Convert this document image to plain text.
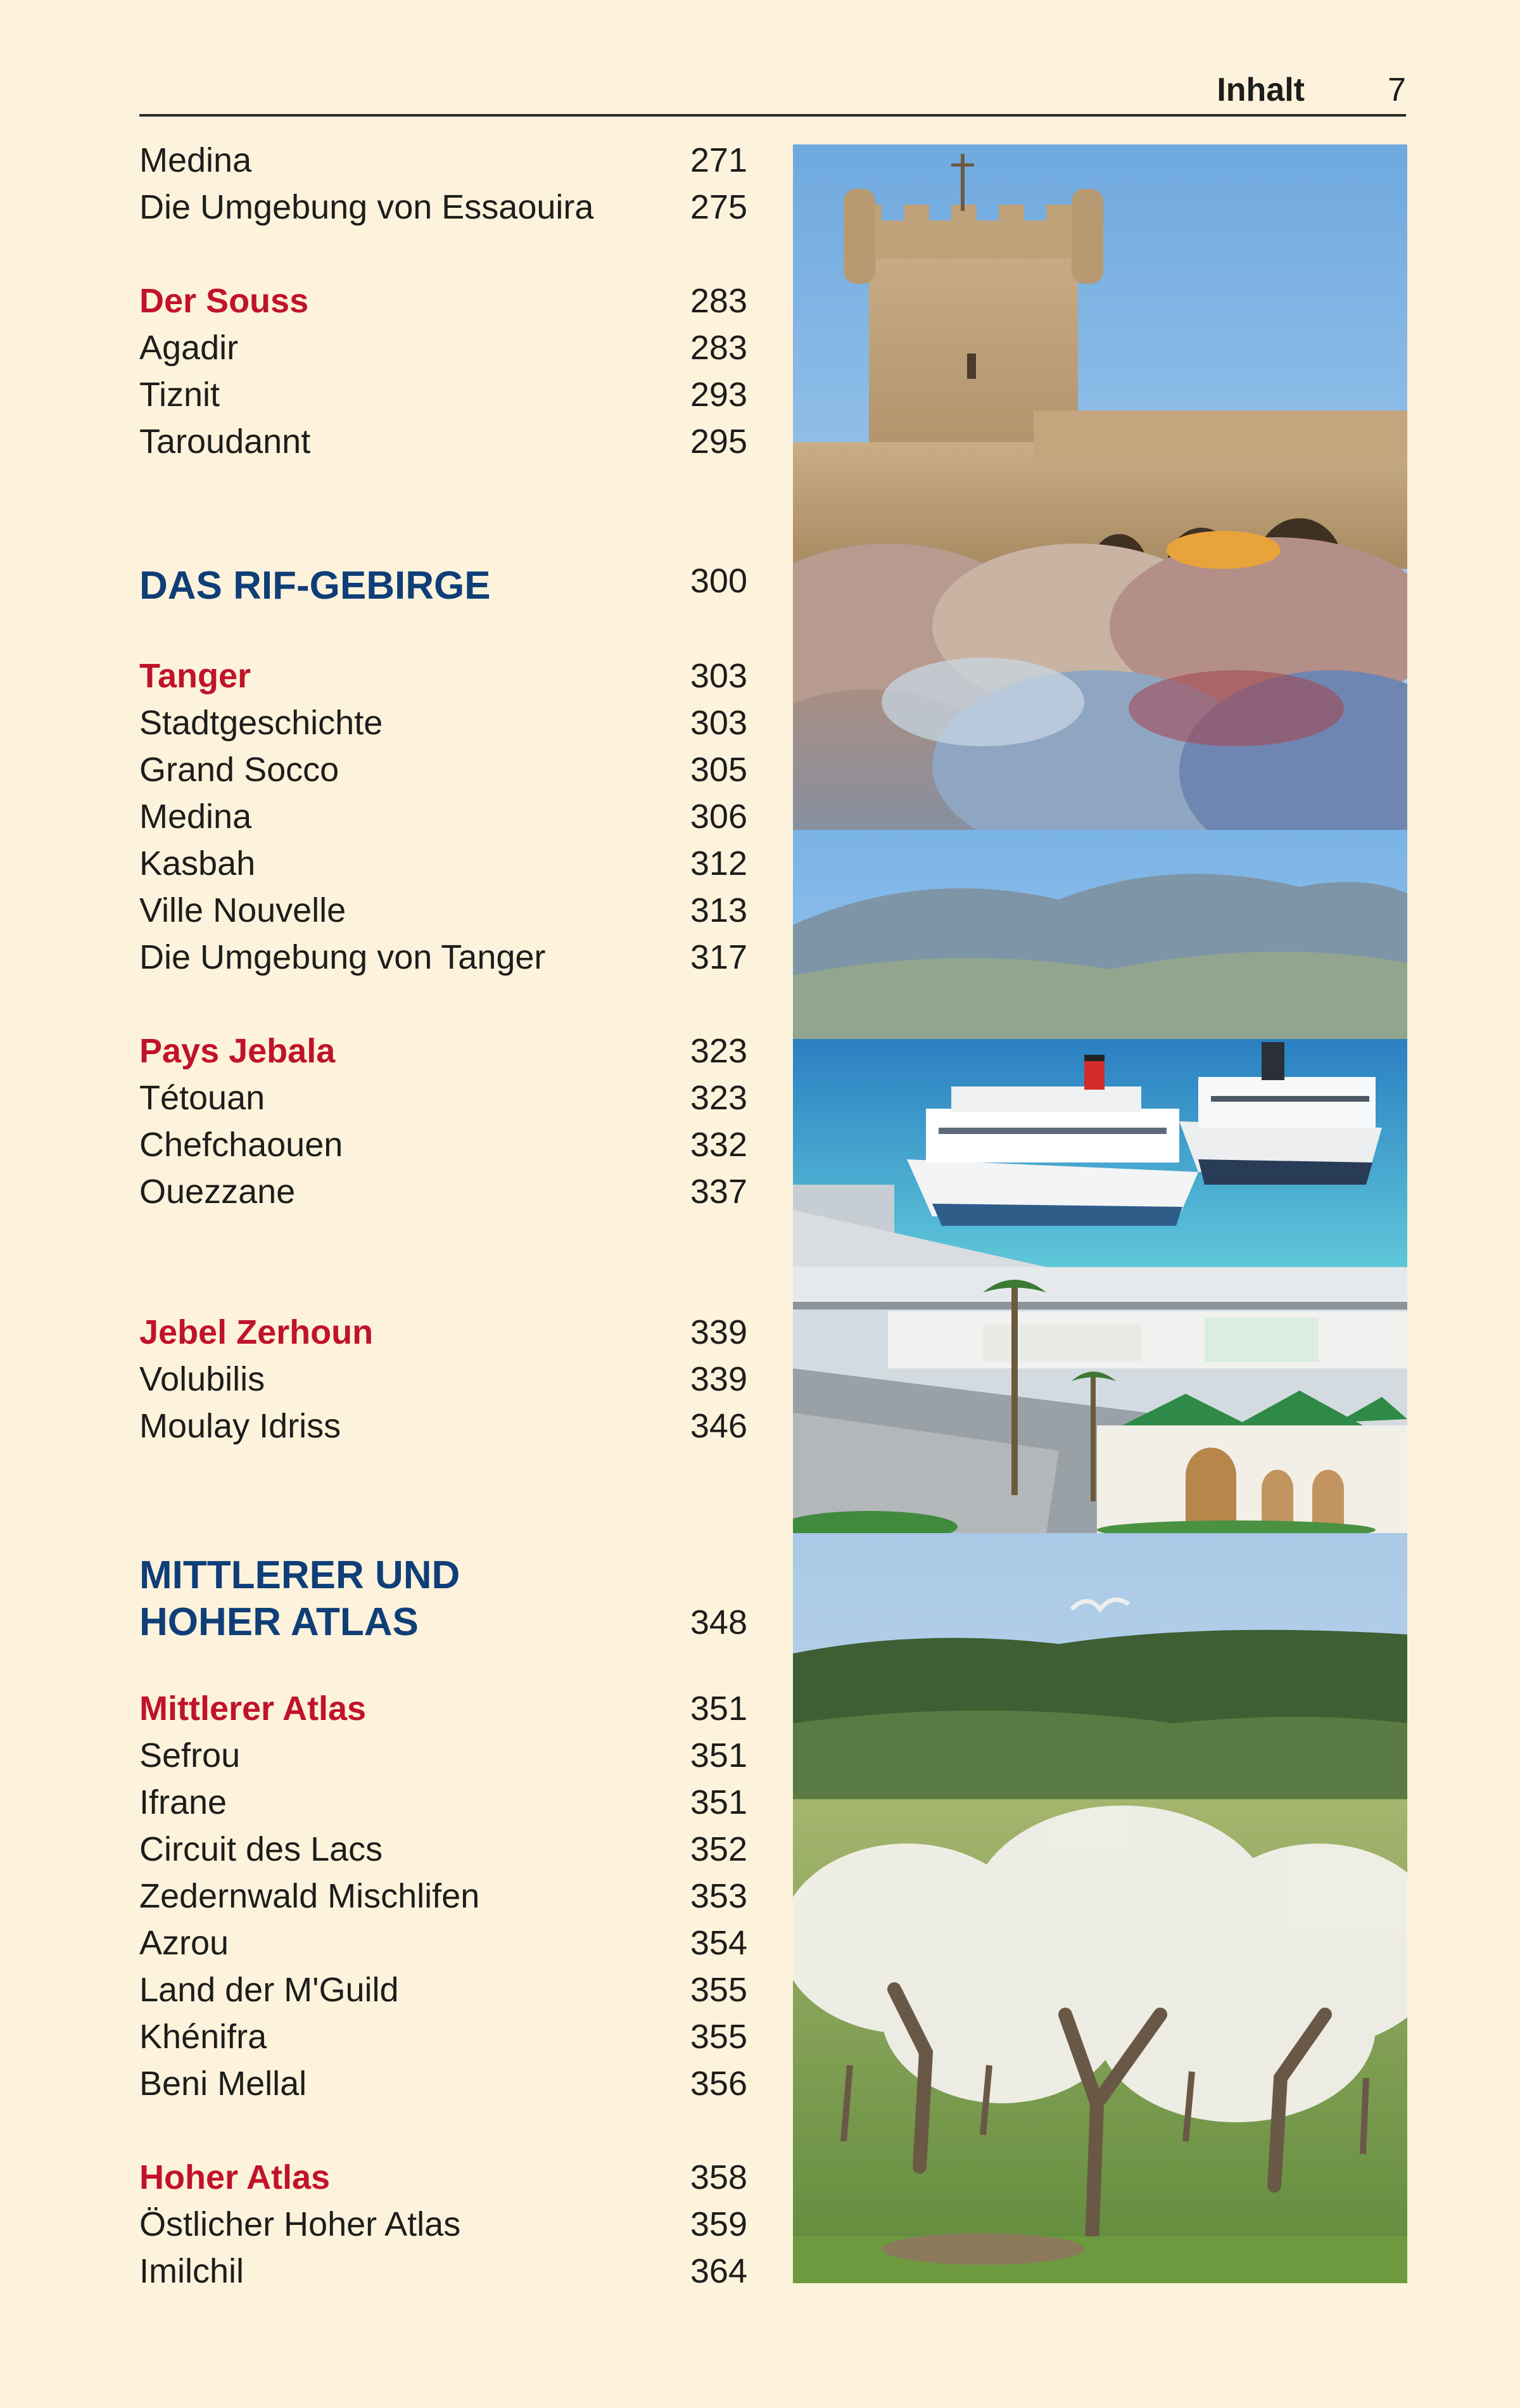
Inhalt	7
Medina	271
Die Umgebung von Essaouira	275
Der Souss	283
Agadir	283
Tiznit	293
Taroudannt	295
DAS RIF-GEBIRGE	300
Tanger	303
Stadtgeschichte	303
Grand Socco	305
Medina	306
Kasbah	312
Ville Nouvelle	313
Die Umgebung von Tanger	317
Pays Jebala	323
Tétouan	323
Chefchaouen	332
Ouezzane	337
Jebel Zerhoun	339
Volubilis	339
Moulay Idriss	346
MITTLERER UND
HOHER ATLAS	348
Mittlerer Atlas	351
Sefrou	351
Ifrane	351
Circuit des Lacs	352
Zedernwald Mischlifen	353
Azrou	354
Land der M'Guild	355
Khénifra	355
Beni Mellal	356
Hoher Atlas	358
Östlicher Hoher Atlas	359
Imilchil	364
